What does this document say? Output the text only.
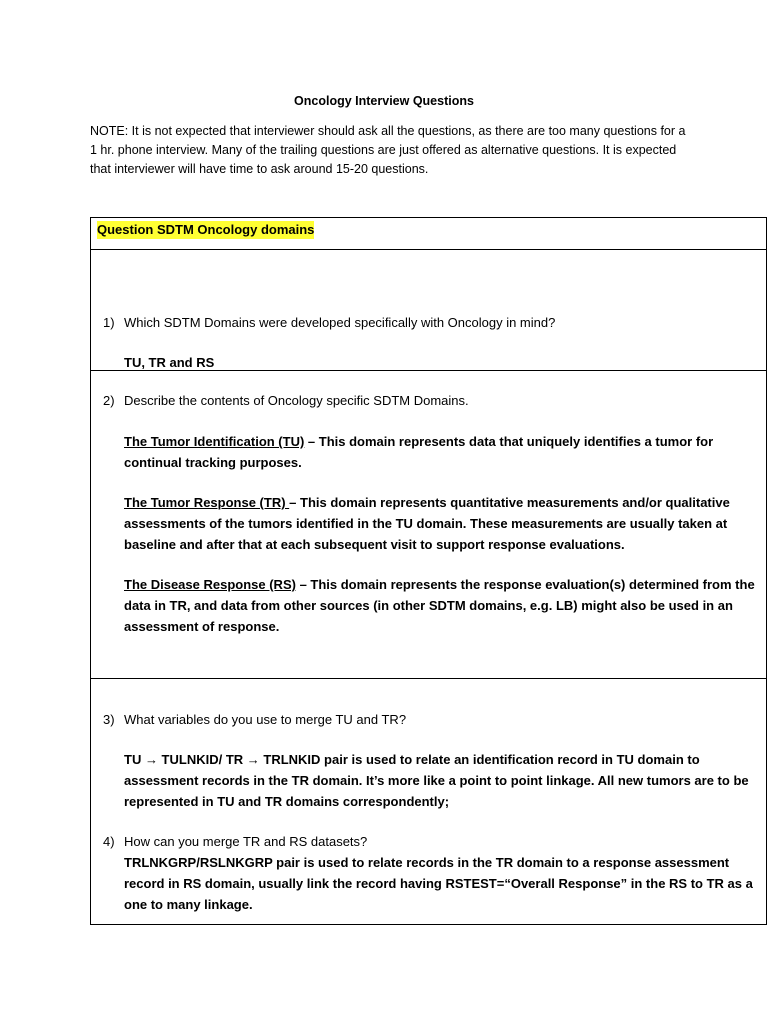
Oncology Interview Questions
NOTE: It is not expected that interviewer should ask all the questions, as there are too many questions for a 1 hr. phone interview. Many of the trailing questions are just offered as alternative questions. It is expected that interviewer will have time to ask around 15-20 questions.
Question SDTM Oncology domains
1) Which SDTM Domains were developed specifically with Oncology in mind?
TU, TR and RS
2) Describe the contents of Oncology specific SDTM Domains.
The Tumor Identification (TU) – This domain represents data that uniquely identifies a tumor for continual tracking purposes.
The Tumor Response (TR) – This domain represents quantitative measurements and/or qualitative assessments of the tumors identified in the TU domain. These measurements are usually taken at baseline and after that at each subsequent visit to support response evaluations.
The Disease Response (RS) – This domain represents the response evaluation(s) determined from the data in TR, and data from other sources (in other SDTM domains, e.g. LB) might also be used in an assessment of response.
3) What variables do you use to merge TU and TR?
TU → TULNKID/ TR → TRLNKID pair is used to relate an identification record in TU domain to assessment records in the TR domain. It’s more like a point to point linkage. All new tumors are to be represented in TU and TR domains correspondently;
4) How can you merge TR and RS datasets?
TRLNKGRP/RSLNKGRP pair is used to relate records in the TR domain to a response assessment record in RS domain, usually link the record having RSTEST=“Overall Response” in the RS to TR as a one to many linkage.
